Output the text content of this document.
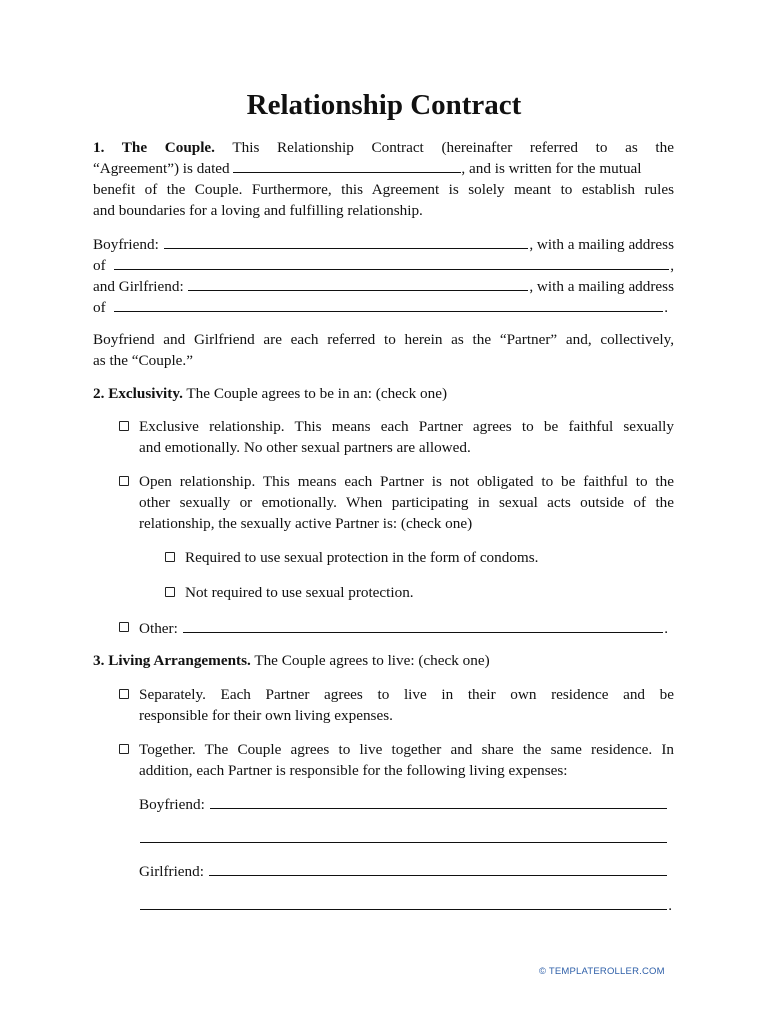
Relationship Contract
1. The Couple. This Relationship Contract (hereinafter referred to as the
“Agreement”) is dated	, and is written for the mutual
benefit of the Couple. Furthermore, this Agreement is solely meant to establish rules
and boundaries for a loving and fulfilling relationship.
Boyfriend:
	, with a mailing address
of
	,
and Girlfriend:
	, with a mailing address
of
	.
Boyfriend and Girlfriend are each referred to herein as the “Partner” and, collectively,
as the “Couple.”
2. Exclusivity. The Couple agrees to be in an: (check one)
Exclusive relationship. This means each Partner agrees to be faithful sexually
and emotionally. No other sexual partners are allowed.
Open relationship. This means each Partner is not obligated to be faithful to the
other sexually or emotionally. When participating in sexual acts outside of the
relationship, the sexually active Partner is: (check one)
Required to use sexual protection in the form of condoms.
Not required to use sexual protection.
Other:
	.
3. Living Arrangements. The Couple agrees to live: (check one)
Separately. Each Partner agrees to live in their own residence and be
responsible for their own living expenses.
Together. The Couple agrees to live together and share the same residence. In
addition, each Partner is responsible for the following living expenses:
Boyfriend:

Girlfriend:

.
© TEMPLATEROLLER.COM
